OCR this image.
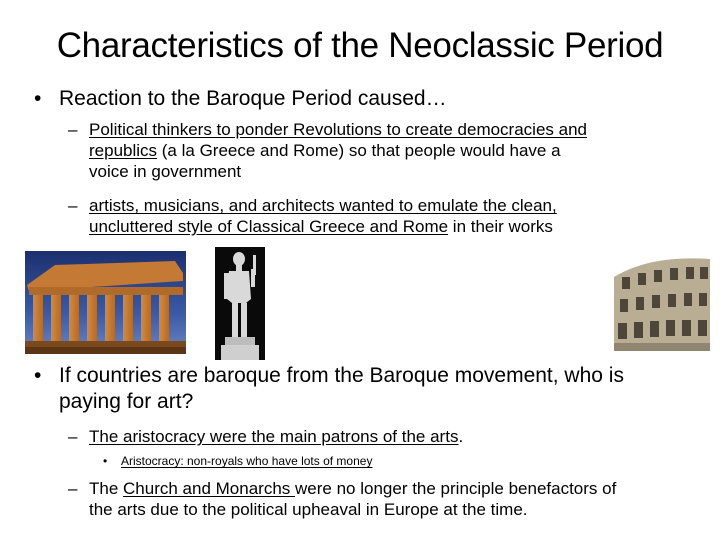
Characteristics of the Neoclassic Period
• Reaction to the Baroque Period caused…
– Political thinkers to ponder Revolutions to create democracies and
republics (a la Greece and Rome) so that people would have a
voice in government
– artists, musicians, and architects wanted to emulate the clean,
uncluttered style of Classical Greece and Rome in their works
• If countries are baroque from the Baroque movement, who is
paying for art?
– The aristocracy were the main patrons of the arts.
• Aristocracy: non-royals who have lots of money
– The Church and Monarchs were no longer the principle benefactors of
the arts due to the political upheaval in Europe at the time.
